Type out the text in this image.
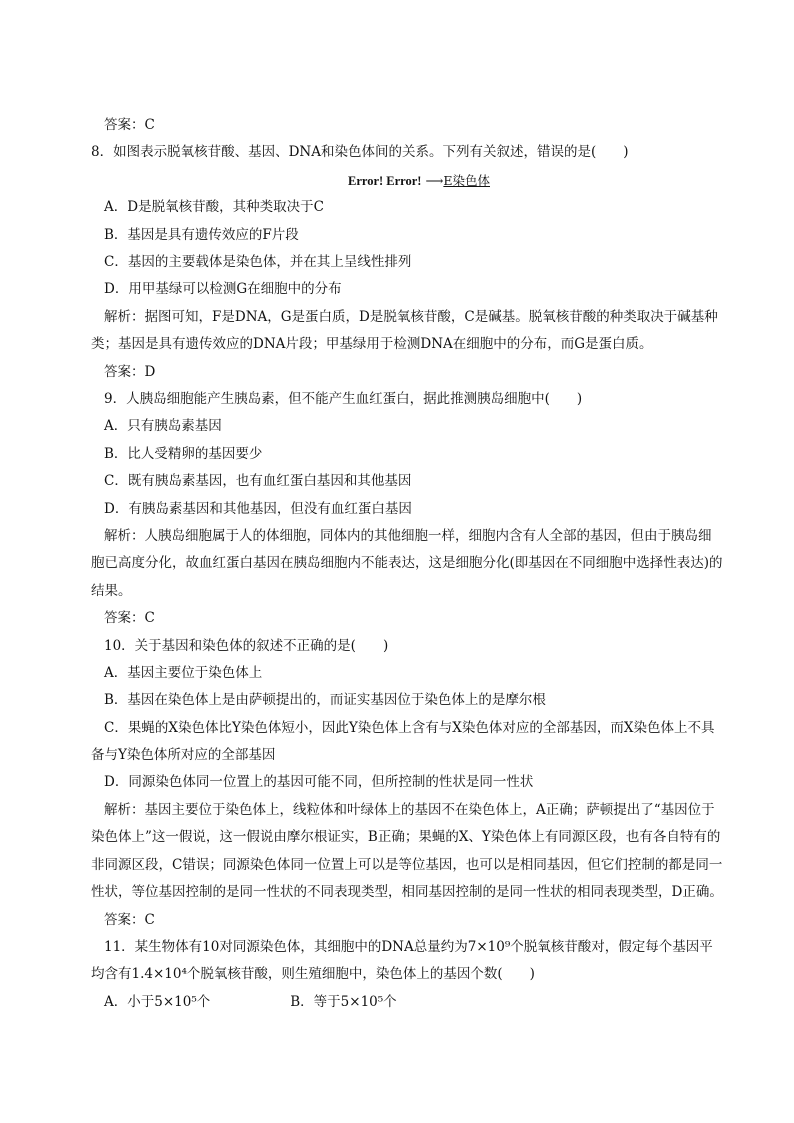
答案：C
8．如图表示脱氧核苷酸、基因、DNA和染色体间的关系。下列有关叙述，错误的是(　　)
Error! Error! ⟶E染色体
A．D是脱氧核苷酸，其种类取决于C
B．基因是具有遗传效应的F片段
C．基因的主要载体是染色体，并在其上呈线性排列
D．用甲基绿可以检测G在细胞中的分布
解析：据图可知，F是DNA，G是蛋白质，D是脱氧核苷酸，C是碱基。脱氧核苷酸的种类取决于碱基种类；基因是具有遗传效应的DNA片段；甲基绿用于检测DNA在细胞中的分布，而G是蛋白质。
答案：D
9．人胰岛细胞能产生胰岛素，但不能产生血红蛋白，据此推测胰岛细胞中(　　)
A．只有胰岛素基因
B．比人受精卵的基因要少
C．既有胰岛素基因，也有血红蛋白基因和其他基因
D．有胰岛素基因和其他基因，但没有血红蛋白基因
解析：人胰岛细胞属于人的体细胞，同体内的其他细胞一样，细胞内含有人全部的基因，但由于胰岛细胞已高度分化，故血红蛋白基因在胰岛细胞内不能表达，这是细胞分化(即基因在不同细胞中选择性表达)的结果。
答案：C
10．关于基因和染色体的叙述不正确的是(　　)
A．基因主要位于染色体上
B．基因在染色体上是由萨顿提出的，而证实基因位于染色体上的是摩尔根
C．果蝇的X染色体比Y染色体短小，因此Y染色体上含有与X染色体对应的全部基因，而X染色体上不具备与Y染色体所对应的全部基因
D．同源染色体同一位置上的基因可能不同，但所控制的性状是同一性状
解析：基因主要位于染色体上，线粒体和叶绿体上的基因不在染色体上，A正确；萨顿提出了“基因位于染色体上”这一假说，这一假说由摩尔根证实，B正确；果蝇的X、Y染色体上有同源区段，也有各自特有的非同源区段，C错误；同源染色体同一位置上可以是等位基因，也可以是相同基因，但它们控制的都是同一性状，等位基因控制的是同一性状的不同表现类型，相同基因控制的是同一性状的相同表现类型，D正确。
答案：C
11．某生物体有10对同源染色体，其细胞中的DNA总量约为7×10⁹个脱氧核苷酸对，假定每个基因平均含有1.4×10⁴个脱氧核苷酸，则生殖细胞中，染色体上的基因个数(　　)
A．小于5×10⁵个	B．等于5×10⁵个
